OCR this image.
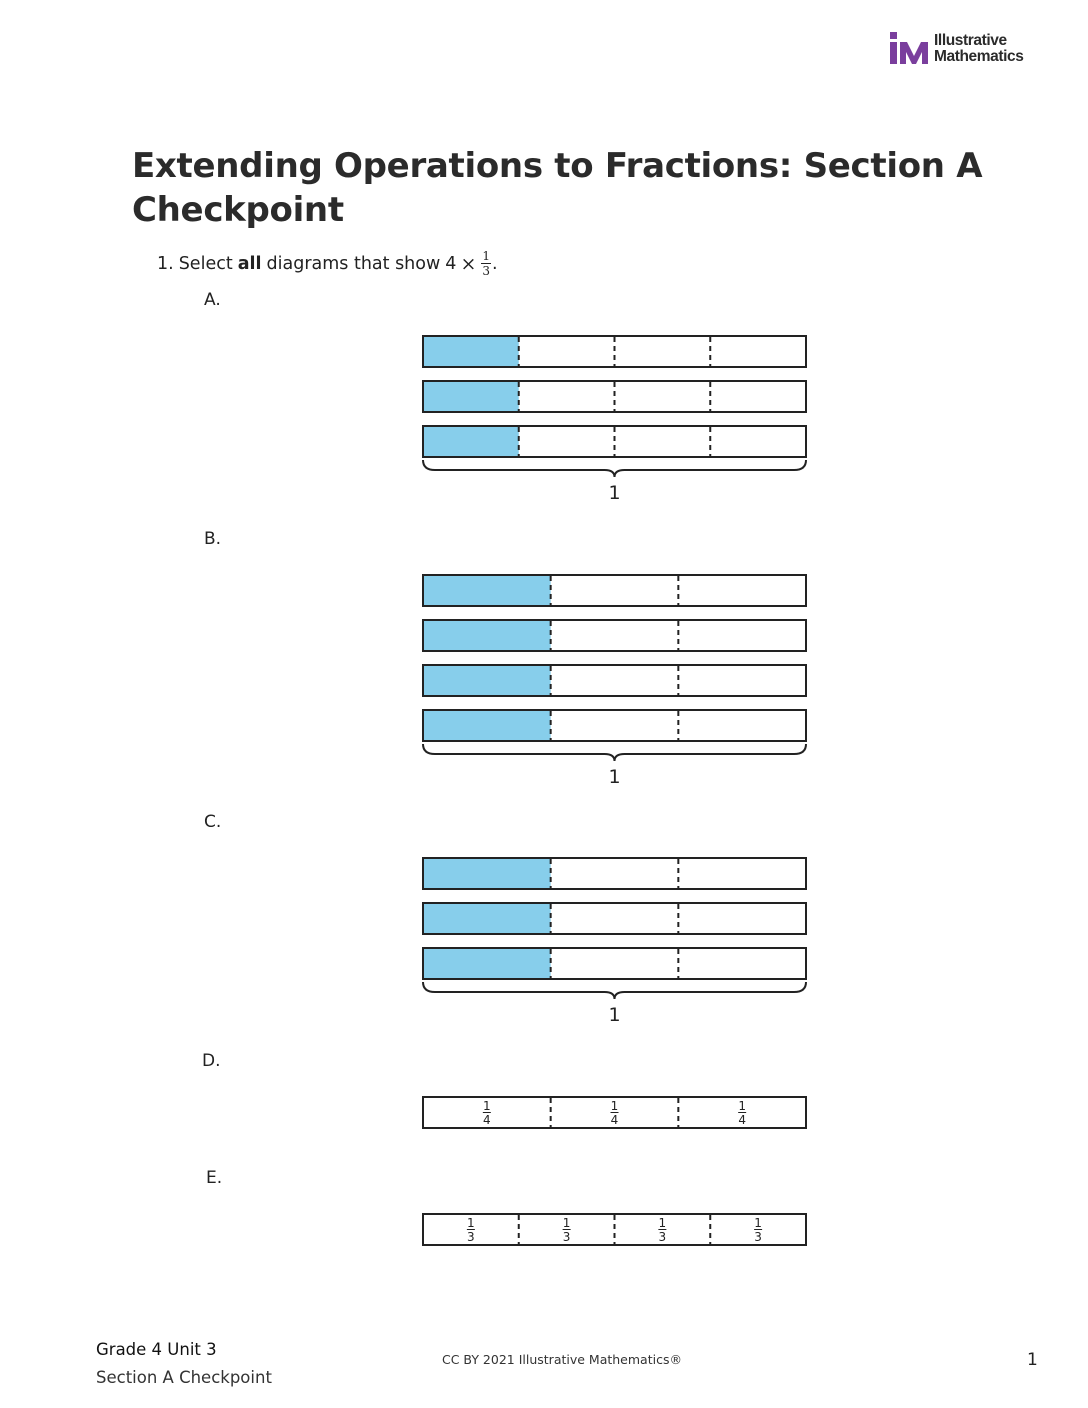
Illustrative
Mathematics
Extending Operations to Fractions: Section A Checkpoint
1. Select all diagrams that show $4 \times \frac{1}{3}$ .
A.
B.
C.
D.
E.
1
1
1
1
4
1
4
1
4
1
3
1
3
1
3
1
3
Grade 4 Unit 3
Section A Checkpoint
CC BY 2021 Illustrative Mathematics®	1
